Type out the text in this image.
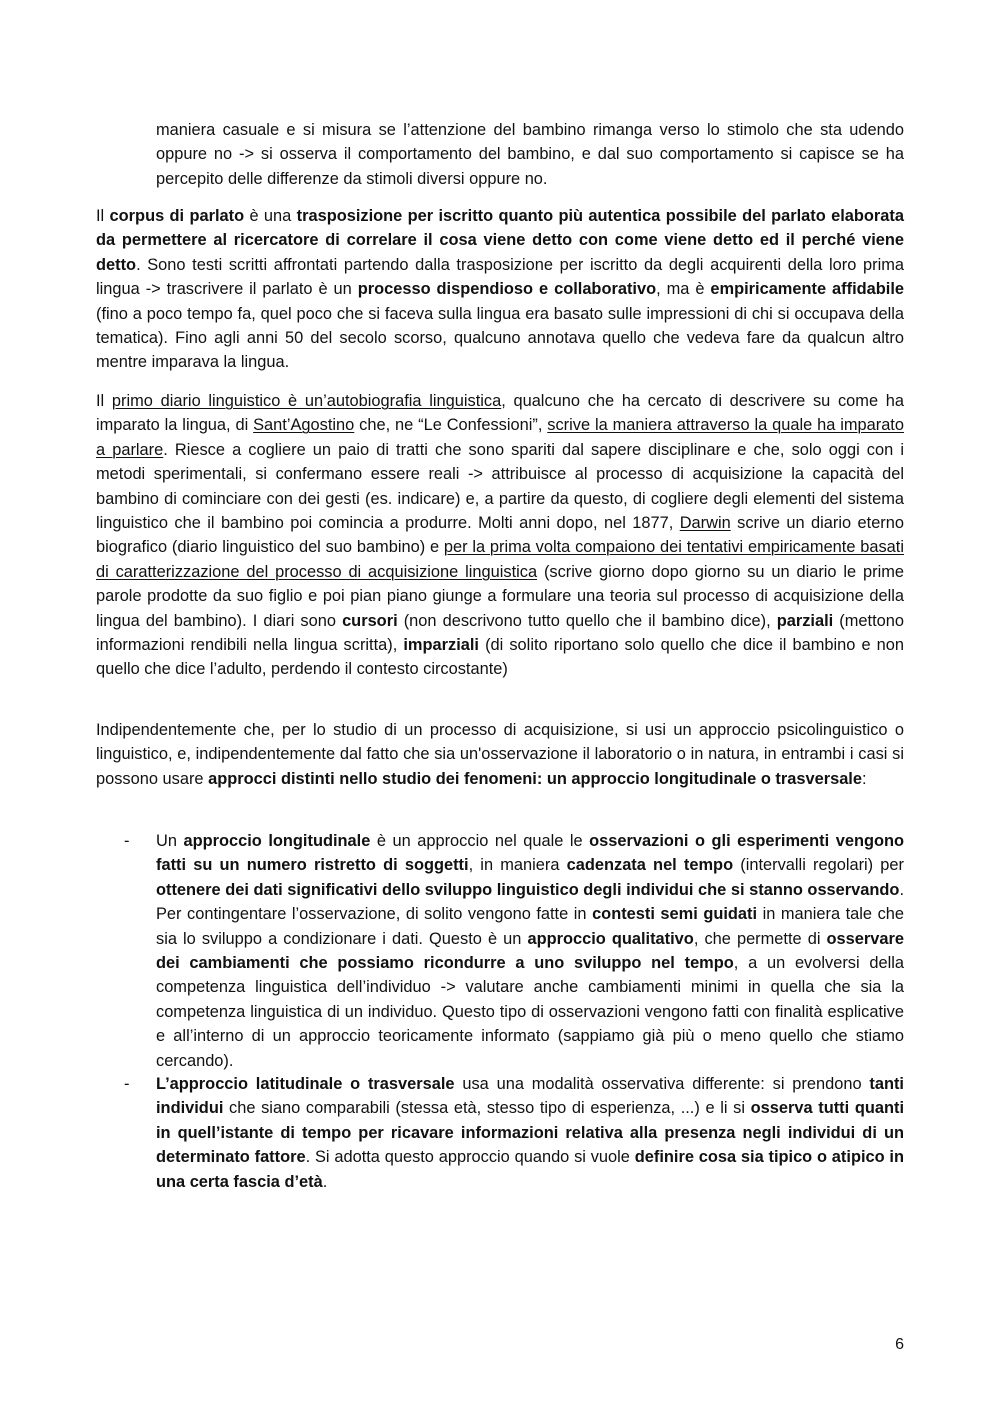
maniera casuale e si misura se l’attenzione del bambino rimanga verso lo stimolo che sta udendo oppure no -> si osserva il comportamento del bambino, e dal suo comportamento si capisce se ha percepito delle differenze da stimoli diversi oppure no.

Il corpus di parlato è una trasposizione per iscritto quanto più autentica possibile del parlato elaborata da permettere al ricercatore di correlare il cosa viene detto con come viene detto ed il perché viene detto. Sono testi scritti affrontati partendo dalla trasposizione per iscritto da degli acquirenti della loro prima lingua -> trascrivere il parlato è un processo dispendioso e collaborativo, ma è empiricamente affidabile (fino a poco tempo fa, quel poco che si faceva sulla lingua era basato sulle impressioni di chi si occupava della tematica). Fino agli anni 50 del secolo scorso, qualcuno annotava quello che vedeva fare da qualcun altro mentre imparava la lingua.

Il primo diario linguistico è un’autobiografia linguistica, qualcuno che ha cercato di descrivere su come ha imparato la lingua, di Sant’Agostino che, ne “Le Confessioni”, scrive la maniera attraverso la quale ha imparato a parlare. Riesce a cogliere un paio di tratti che sono spariti dal sapere disciplinare e che, solo oggi con i metodi sperimentali, si confermano essere reali -> attribuisce al processo di acquisizione la capacità del bambino di cominciare con dei gesti (es. indicare) e, a partire da questo, di cogliere degli elementi del sistema linguistico che il bambino poi comincia a produrre. Molti anni dopo, nel 1877, Darwin scrive un diario eterno biografico (diario linguistico del suo bambino) e per la prima volta compaiono dei tentativi empiricamente basati di caratterizzazione del processo di acquisizione linguistica (scrive giorno dopo giorno su un diario le prime parole prodotte da suo figlio e poi pian piano giunge a formulare una teoria sul processo di acquisizione della lingua del bambino). I diari sono cursori (non descrivono tutto quello che il bambino dice), parziali (mettono informazioni rendibili nella lingua scritta), imparziali (di solito riportano solo quello che dice il bambino e non quello che dice l’adulto, perdendo il contesto circostante)

Indipendentemente che, per lo studio di un processo di acquisizione, si usi un approccio psicolinguistico o linguistico, e, indipendentemente dal fatto che sia un'osservazione il laboratorio o in natura, in entrambi i casi si possono usare approcci distinti nello studio dei fenomeni: un approccio longitudinale o trasversale:

-	Un approccio longitudinale è un approccio nel quale le osservazioni o gli esperimenti vengono fatti su un numero ristretto di soggetti, in maniera cadenzata nel tempo (intervalli regolari) per ottenere dei dati significativi dello sviluppo linguistico degli individui che si stanno osservando. Per contingentare l’osservazione, di solito vengono fatte in contesti semi guidati in maniera tale che sia lo sviluppo a condizionare i dati. Questo è un approccio qualitativo, che permette di osservare dei cambiamenti che possiamo ricondurre a uno sviluppo nel tempo, a un evolversi della competenza linguistica dell’individuo -> valutare anche cambiamenti minimi in quella che sia la competenza linguistica di un individuo. Questo tipo di osservazioni vengono fatti con finalità esplicative e all’interno di un approccio teoricamente informato (sappiamo già più o meno quello che stiamo cercando).

-	L’approccio latitudinale o trasversale usa una modalità osservativa differente: si prendono tanti individui che siano comparabili (stessa età, stesso tipo di esperienza, ...) e li si osserva tutti quanti in quell’istante di tempo per ricavare informazioni relativa alla presenza negli individui di un determinato fattore. Si adotta questo approccio quando si vuole definire cosa sia tipico o atipico in una certa fascia d’età.

6
